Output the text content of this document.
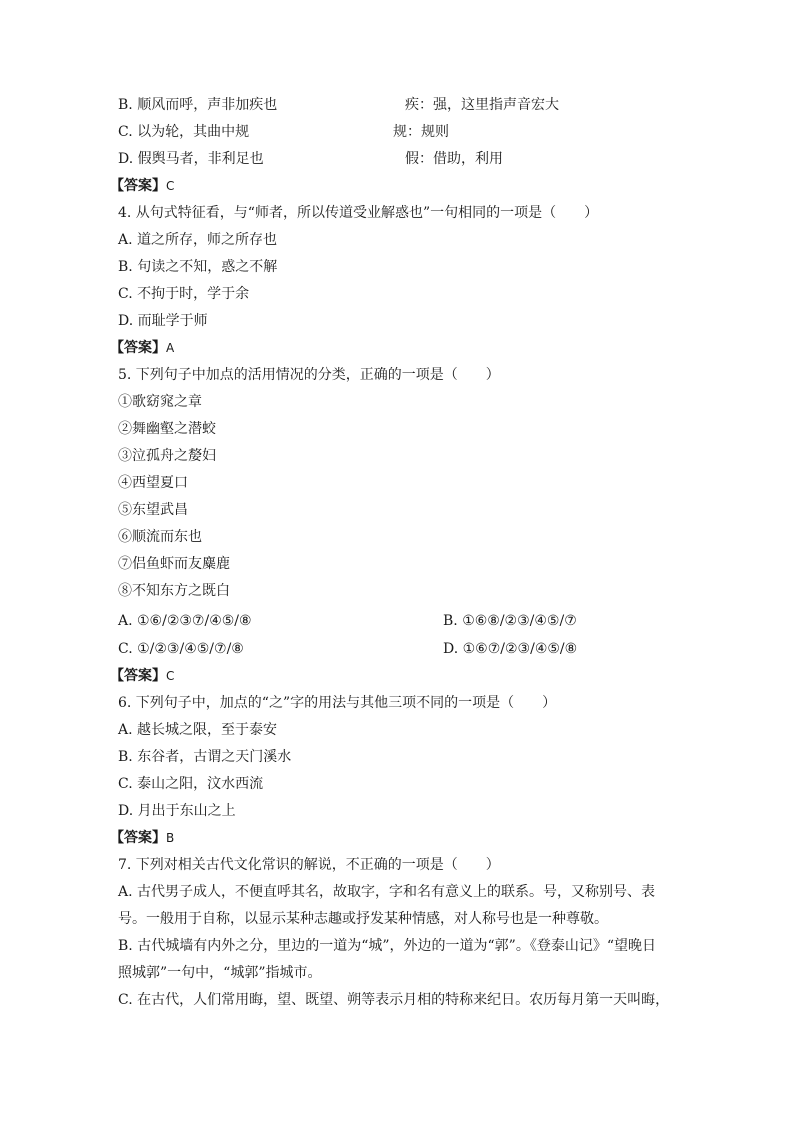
B. 顺风而呼，声非加疾也	疾：强，这里指声音宏大
C. 以为轮，其曲中规	规：规则
D. 假舆马者，非利足也	假：借助，利用
【答案】C
4. 从句式特征看，与“师者，所以传道受业解惑也”一句相同的一项是（　　）
A. 道之所存，师之所存也
B. 句读之不知，惑之不解
C. 不拘于时，学于余
D. 而耻学于师
【答案】A
5. 下列句子中加点的活用情况的分类，正确的一项是（　　）
①歌窈窕之章
②舞幽壑之潜蛟
③泣孤舟之嫠妇
④西望夏口
⑤东望武昌
⑥顺流而东也
⑦侣鱼虾而友麋鹿
⑧不知东方之既白
A. ①⑥/②③⑦/④⑤/⑧	B. ①⑥⑧/②③/④⑤/⑦
C. ①/②③/④⑤/⑦/⑧	D. ①⑥⑦/②③/④⑤/⑧
【答案】C
6. 下列句子中，加点的“之”字的用法与其他三项不同的一项是（　　）
A. 越长城之限，至于泰安
B. 东谷者，古谓之天门溪水
C. 泰山之阳，汶水西流
D. 月出于东山之上
【答案】B
7. 下列对相关古代文化常识的解说，不正确的一项是（　　）
A. 古代男子成人，不便直呼其名，故取字，字和名有意义上的联系。号，又称别号、表
号。一般用于自称，以显示某种志趣或抒发某种情感，对人称号也是一种尊敬。
B. 古代城墙有内外之分，里边的一道为“城”，外边的一道为“郭”。《登泰山记》“望晚日
照城郭”一句中，“城郭”指城市。
C. 在古代，人们常用晦，望、既望、朔等表示月相的特称来纪日。农历每月第一天叫晦，
